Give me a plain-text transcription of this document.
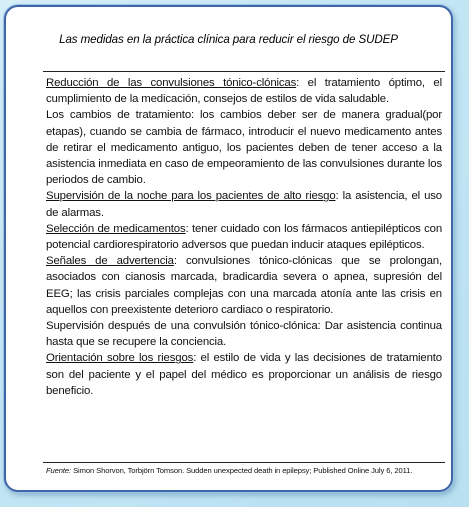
Las medidas en la práctica clínica para reducir el riesgo de SUDEP

Reducción de las convulsiones tónico-clónicas: el tratamiento óptimo, el cumplimiento de la medicación, consejos de estilos de vida saludable.

Los cambios de tratamiento: los cambios deber ser de manera gradual(por etapas), cuando se cambia de fármaco, introducir el nuevo medicamento antes de retirar el medicamento antiguo, los pacientes deben de tener acceso a la asistencia inmediata en caso de empeoramiento de las convulsiones durante los periodos de cambio.

Supervisión de la noche para los pacientes de alto riesgo: la asistencia, el uso de alarmas.

Selección de medicamentos: tener cuidado con los fármacos antiepilépticos con potencial cardiorespiratorio adversos que puedan inducir ataques epilépticos.

Señales de advertencia: convulsiones tónico-clónicas que se prolongan, asociados con cianosis marcada, bradicardia severa o apnea, supresión del EEG; las crisis parciales complejas con una marcada atonía ante las crisis en aquellos con preexistente deterioro cardiaco o respiratorio.

Supervisión después de una convulsión tónico-clónica: Dar asistencia continua hasta que se recupere la conciencia.

Orientación sobre los riesgos: el estilo de vida y las decisiones de tratamiento son del paciente y el papel del médico es proporcionar un análisis de riesgo beneficio.

Fuente: Simon Shorvon, Torbjörn Tomson. Sudden unexpected death in epilepsy; Published Online July 6, 2011.
